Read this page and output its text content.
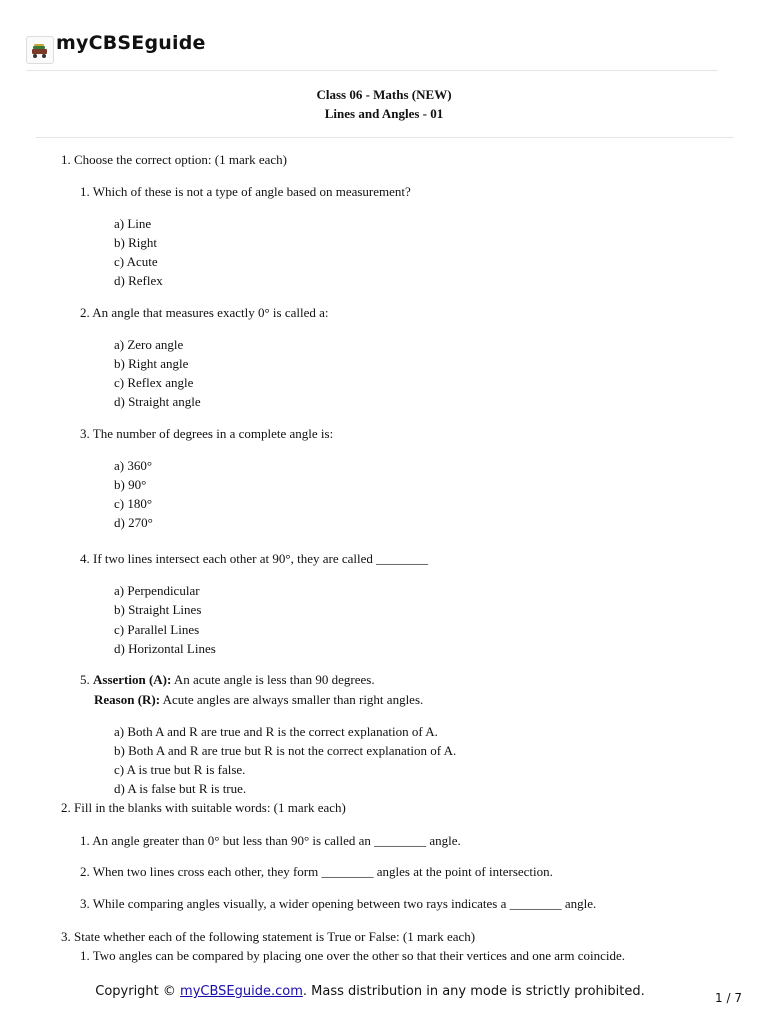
myCBSEguide
Class 06 - Maths (NEW)
Lines and Angles - 01
1. Choose the correct option: (1 mark each)
1. Which of these is not a type of angle based on measurement?
a) Line
b) Right
c) Acute
d) Reflex
2. An angle that measures exactly 0° is called a:
a) Zero angle
b) Right angle
c) Reflex angle
d) Straight angle
3. The number of degrees in a complete angle is:
a) 360°
b) 90°
c) 180°
d) 270°
4. If two lines intersect each other at 90°, they are called ________
a) Perpendicular
b) Straight Lines
c) Parallel Lines
d) Horizontal Lines
5. Assertion (A): An acute angle is less than 90 degrees.
Reason (R): Acute angles are always smaller than right angles.
a) Both A and R are true and R is the correct explanation of A.
b) Both A and R are true but R is not the correct explanation of A.
c) A is true but R is false.
d) A is false but R is true.
2. Fill in the blanks with suitable words: (1 mark each)
1. An angle greater than 0° but less than 90° is called an ________ angle.
2. When two lines cross each other, they form ________ angles at the point of intersection.
3. While comparing angles visually, a wider opening between two rays indicates a ________ angle.
3. State whether each of the following statement is True or False: (1 mark each)
1. Two angles can be compared by placing one over the other so that their vertices and one arm coincide.
Copyright © myCBSEguide.com. Mass distribution in any mode is strictly prohibited.	1 / 7
